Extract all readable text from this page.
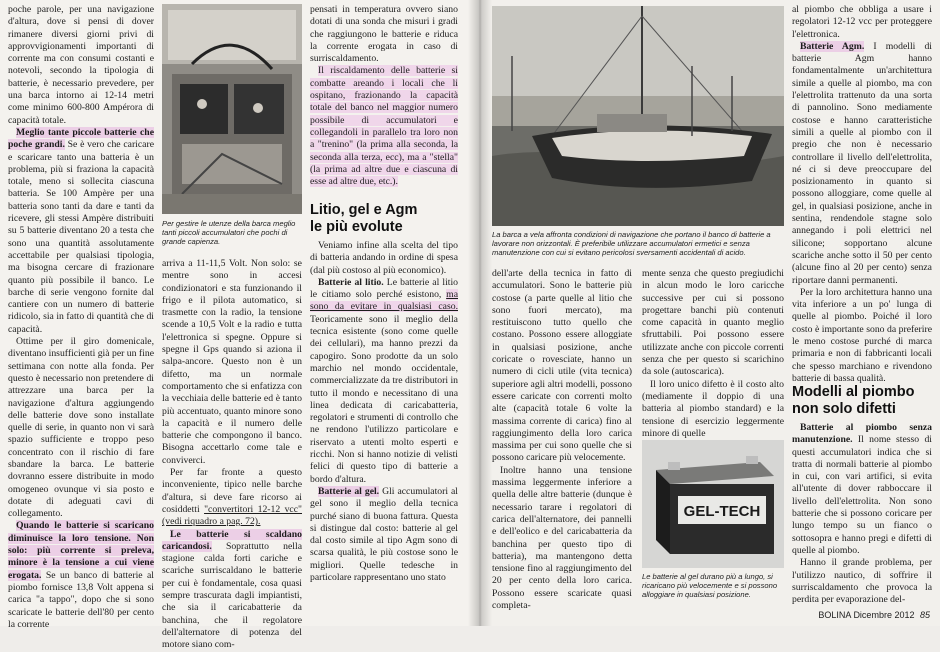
poche parole, per una navigazione d'altura, dove si pensi di dover rimanere diversi giorni privi di approvvigionamenti importanti di corrente ma con consumi costanti e notevoli, secondo la tipologia di batterie, è necessario prevedere, per una barca intorno ai 12-14 metri come minimo 600-800 Ampérora di capacità totale.

Meglio tante piccole batterie che poche grandi. Se è vero che caricare e scaricare tanto una batteria è un problema, più si fraziona la capacità totale, meno si sollecita ciascuna batteria. Se 100 Ampère per una batteria sono tanti da dare e tanti da ricevere, gli stessi Ampère distribuiti su 5 batterie diventano 20 a testa che sono una quantità assolutamente accettabile per qualsiasi tipologia, ma bisogna cercare di frazionare quanto più possibile il banco. Le barche di serie vengono fornite dal cantiere con un numero di batterie ridicolo, sia in fatto di quantità che di capacità.

Ottime per il giro domenicale, diventano insufficienti già per un fine settimana con notte alla fonda. Per questo è necessario non pretendere di attrezzare una barca per la navigazione d'altura aggiungendo delle batterie dove sono installate quelle di serie, in quanto non vi sarà spazio sufficiente e troppo peso concentrato con il rischio di fare sbandare la barca. Le batterie dovranno essere distribuite in modo omogeneo ovunque vi sia posto e dotate di adeguati cavi di collegamento.

Quando le batterie si scaricano diminuisce la loro tensione. Non solo: più corrente si preleva, minore è la tensione a cui viene erogata. Se un banco di batterie al piombo fornisce 13,8 Volt appena si carica "a tappo", dopo che si sono scaricate le batterie dell'80 per cento la corrente

Per gestire le utenze della barca meglio tanti piccoli accumulatori che pochi di grande capienza.

arriva a 11-11,5 Volt. Non solo: se mentre sono in accesi condizionatori e sta funzionando il frigo e il pilota automatico, si trasmette con la radio, la tensione scende a 10,5 Volt e la radio e tutta l'elettronica si spegne. Oppure si spegne il Gps quando si aziona il salpa-ancore. Questo non è un difetto, ma un normale comportamento che si enfatizza con la vecchiaia delle batterie ed è tanto più accentuato, quanto minore sono la capacità e il numero delle batterie che compongono il banco. Bisogna accettarlo come tale e conviverci.

Per far fronte a questo inconveniente, tipico nelle barche d'altura, si deve fare ricorso ai cosiddetti "convertitori 12-12 vcc" (vedi riquadro a pag. 72).

Le batterie si scaldano caricandosi. Soprattutto nella stagione calda forti cariche e scariche surriscaldano le batterie per cui è fondamentale, cosa quasi sempre trascurata dagli impiantisti, che sia il caricabatterie da banchina, che il regolatore dell'alternatore di potenza del motore siano com-

pensati in temperatura ovvero siano dotati di una sonda che misuri i gradi che raggiungono le batterie e riduca la corrente erogata in caso di surriscaldamento.

Il riscaldamento delle batterie si combatte areando i locali che li ospitano, frazionando la capacità totale del banco nel maggior numero possibile di accumulatori e collegandoli in parallelo tra loro non a "trenino" (la prima alla seconda, la seconda alla terza, ecc), ma a "stella" (la prima ad altre due e ciascuna di esse ad altre due, etc.).

Litio, gel e Agm
le più evolute

Veniamo infine alla scelta del tipo di batteria andando in ordine di spesa (dal più costoso al più economico).

Batterie al litio. Le batterie al litio le citiamo solo perché esistono, ma sono da evitare in qualsiasi caso. Teoricamente sono il meglio della tecnica esistente (sono come quelle dei cellulari), ma hanno prezzi da capogiro. Sono prodotte da un solo marchio nel mondo occidentale, commercializzate da tre distributori in tutto il mondo e necessitano di una linea dedicata di caricabatteria, regolatori e strumenti di controllo che ne rendono l'utilizzo particolare e riservato a utenti molto esperti e ricchi. Non si hanno notizie di velisti felici di questo tipo di batterie a bordo d'altura.

Batterie al gel. Gli accumulatori al gel sono il meglio della tecnica purché siano di buona fattura. Questa si distingue dal costo: batterie al gel dal costo simile al tipo Agm sono di scarsa qualità, le più costose sono le migliori. Quelle tedesche in particolare rappresentano uno stato

La barca a vela affronta condizioni di navigazione che portano il banco di batterie a lavorare non orizzontali. È preferibile utilizzare accumulatori ermetici e senza manutenzione con cui si evitano pericolosi sversamenti accidentali di acido.

dell'arte della tecnica in fatto di accumulatori. Sono le batterie più costose (a parte quelle al litio che sono fuori mercato), ma restituiscono tutto quello che costano. Possono essere alloggiate in qualsiasi posizione, anche coricate o rovesciate, hanno un numero di cicli utile (vita tecnica) superiore agli altri modelli, possono essere caricate con correnti molto alte (capacità totale 6 volte la massima corrente di carica) fino al raggiungimento della loro carica massima per cui sono quelle che si possono caricare più velocemente.

Inoltre hanno una tensione massima leggermente inferiore a quella delle altre batterie (dunque è necessario tarare i regolatori di carica dell'alternatore, dei pannelli e dell'eolico e del caricabatteria da banchina per questo tipo di batteria), ma mantengono detta tensione fino al raggiungimento del 20 per cento della loro carica. Possono essere scaricate quasi completa-

mente senza che questo pregiudichi in alcun modo le loro caricche successive per cui si possono progettare banchi più contenuti come capacità in quanto meglio sfruttabili. Poi possono essere utilizzate anche con piccole correnti senza che per questo si scarichino da sole (autoscarica).

Il loro unico difetto è il costo alto (mediamente il doppio di una batteria al piombo standard) e la tensione di esercizio leggermente minore di quelle

GEL-TECH
Le batterie al gel durano più a lungo, si ricaricano più velocemente e si possono alloggiare in qualsiasi posizione.

al piombo che obbliga a usare i regolatori 12-12 vcc per proteggere l'elettronica.

Batterie Agm. I modelli di batterie Agm hanno fondamentalmente un'architettura simile a quelle al piombo, ma con l'elettrolita trattenuto da una sorta di pannolino. Sono mediamente costose e hanno caratteristiche simili a quelle al piombo con il pregio che non è necessario controllare il livello dell'elettrolita, né ci si deve preoccupare del posizionamento in quanto si possono alloggiare, come quelle al gel, in qualsiasi posizione, anche in sentina, rendendole stagne solo annegando i poli elettrici nel silicone; sopportano alcune scariche anche sotto il 50 per cento (alcune fino al 20 per cento) senza riportare danni permanenti.

Per la loro architettura hanno una vita inferiore a un po' lunga di quelle al piombo. Poiché il loro costo è importante sono da preferire le meno costose purché di marca primaria e non di fabbricanti locali che spesso marchiano e rivendono batterie di bassa qualità.

Modelli al piombo
non solo difetti

Batterie al piombo senza manutenzione. Il nome stesso di questi accumulatori indica che si tratta di normali batterie al piombo in cui, con vari artifici, si evita all'utente di dover rabboccare il livello dell'elettrolita. Non sono batterie che si possono coricare per lungo tempo su un fianco o sottosopra e hanno pregi e difetti di quelle al piombo.

Hanno il grande problema, per l'utilizzo nautico, di soffrire il surriscaldamento che provoca la perdita per evaporazione del-

BOLINA Dicembre 2012 85
